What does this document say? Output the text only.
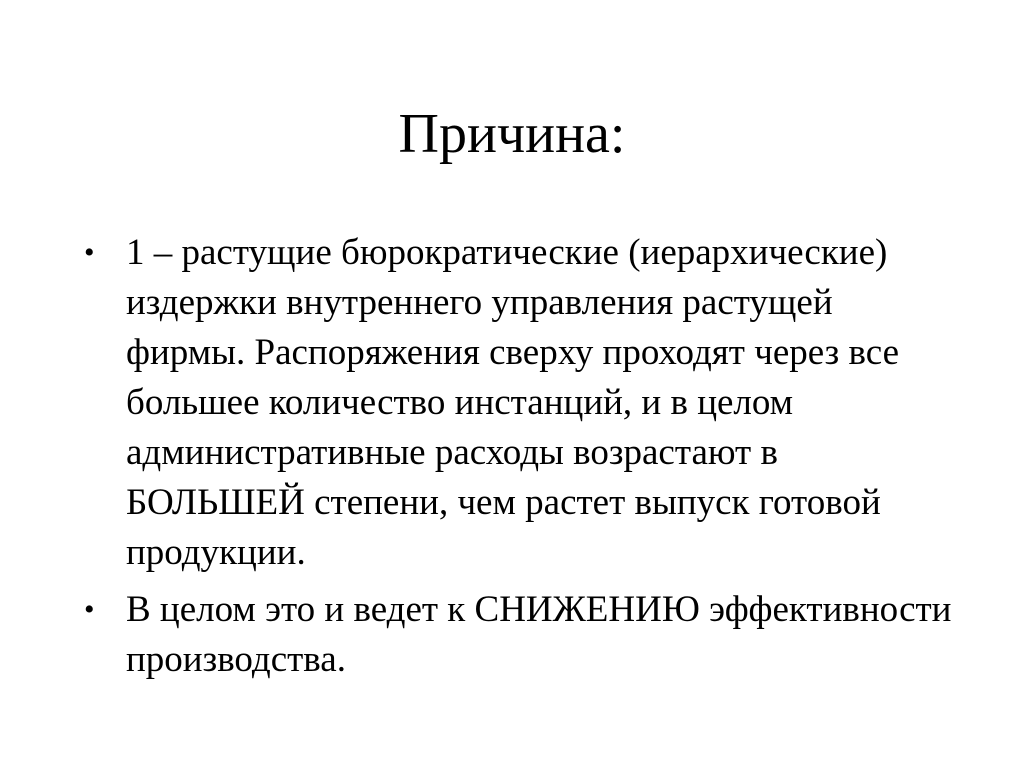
Причина:
• 1 – растущие бюрократические (иерархические) издержки внутреннего управления растущей фирмы. Распоряжения сверху проходят через все большее количество инстанций, и в целом административные расходы возрастают в БОЛЬШЕЙ степени, чем растет выпуск готовой продукции.
• В целом это и ведет к СНИЖЕНИЮ эффективности производства.
